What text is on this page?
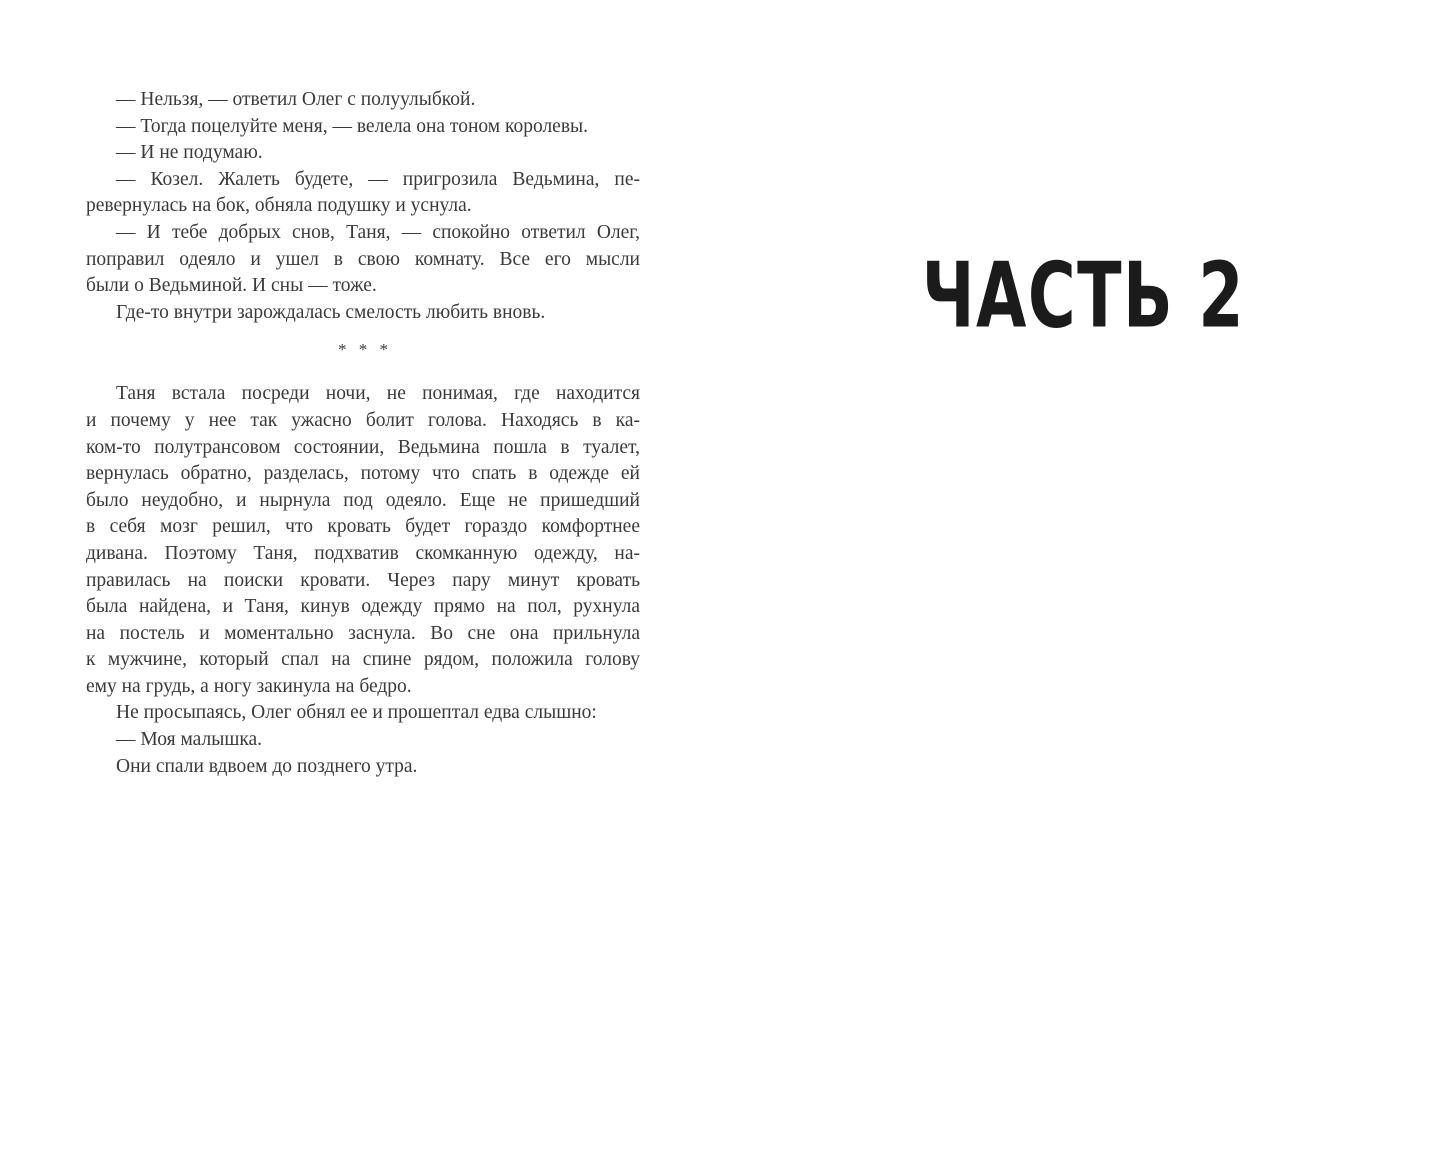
— Нельзя, — ответил Олег с полуулыбкой.
— Тогда поцелуйте меня, — велела она тоном королевы.
— И не подумаю.
— Козел. Жалеть будете, — пригрозила Ведьмина, пе-
ревернулась на бок, обняла подушку и уснула.
— И тебе добрых снов, Таня, — спокойно ответил Олег,
поправил одеяло и ушел в свою комнату. Все его мысли
были о Ведьминой. И сны — тоже.
Где-то внутри зарождалась смелость любить вновь.
* * *
Таня встала посреди ночи, не понимая, где находится
и почему у нее так ужасно болит голова. Находясь в ка-
ком-то полутрансовом состоянии, Ведьмина пошла в туалет,
вернулась обратно, разделась, потому что спать в одежде ей
было неудобно, и нырнула под одеяло. Еще не пришедший
в себя мозг решил, что кровать будет гораздо комфортнее
дивана. Поэтому Таня, подхватив скомканную одежду, на-
правилась на поиски кровати. Через пару минут кровать
была найдена, и Таня, кинув одежду прямо на пол, рухнула
на постель и моментально заснула. Во сне она прильнула
к мужчине, который спал на спине рядом, положила голову
ему на грудь, а ногу закинула на бедро.
Не просыпаясь, Олег обнял ее и прошептал едва слышно:
— Моя малышка.
Они спали вдвоем до позднего утра.
ЧАСТЬ 2
